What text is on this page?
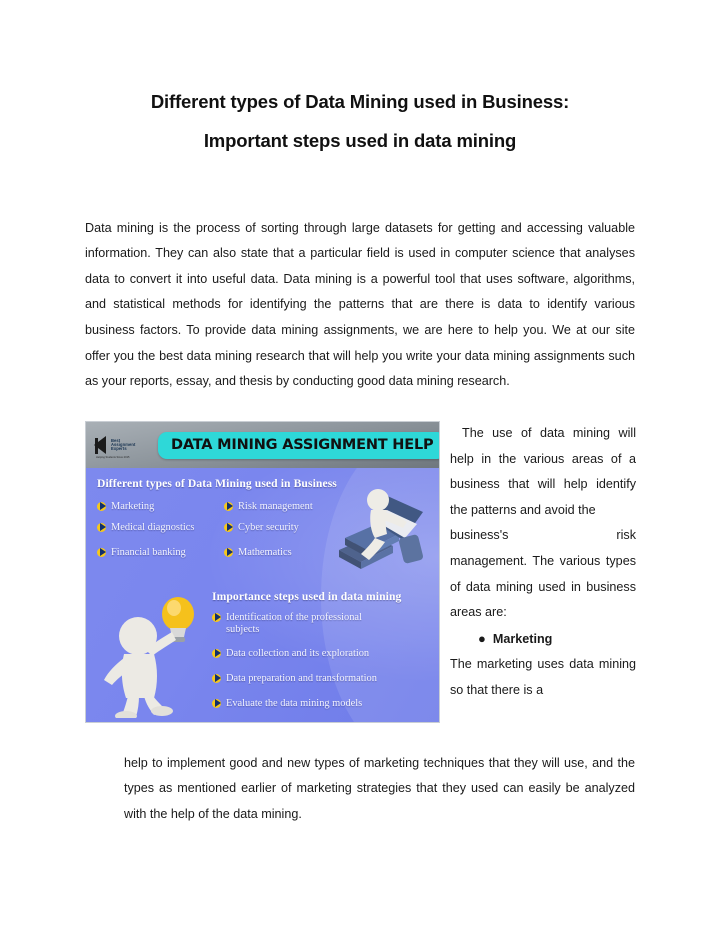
Different types of Data Mining used in Business:
Important steps used in data mining

Data mining is the process of sorting through large datasets for getting and accessing valuable information. They can also state that a particular field is used in computer science that analyses data to convert it into useful data. Data mining is a powerful tool that uses software, algorithms, and statistical methods for identifying the patterns that are there is data to identify various business factors. To provide data mining assignments, we are here to help you. We at our site offer you the best data mining research that will help you write your data mining assignments such as your reports, essay, and thesis by conducting good data mining research.

Best
Assignment
Experts
Helping Students Since 2015
DATA MINING ASSIGNMENT HELP
Different types of Data Mining used in Business
Marketing
Medical diagnostics
Financial banking
Risk management
Cyber security
Mathematics
Importance steps used in data mining
Identification of the professional subjects
Data collection and its exploration
Data preparation and transformation
Evaluate the data mining models

The use of data mining will help in the various areas of a business that will help identify the patterns and avoid the

business's	risk

management. The various types of data mining used in business areas are:

● Marketing

The marketing uses data mining so that there is a

help to implement good and new types of marketing techniques that they will use, and the types as mentioned earlier of marketing strategies that they used can easily be analyzed with the help of the data mining.
